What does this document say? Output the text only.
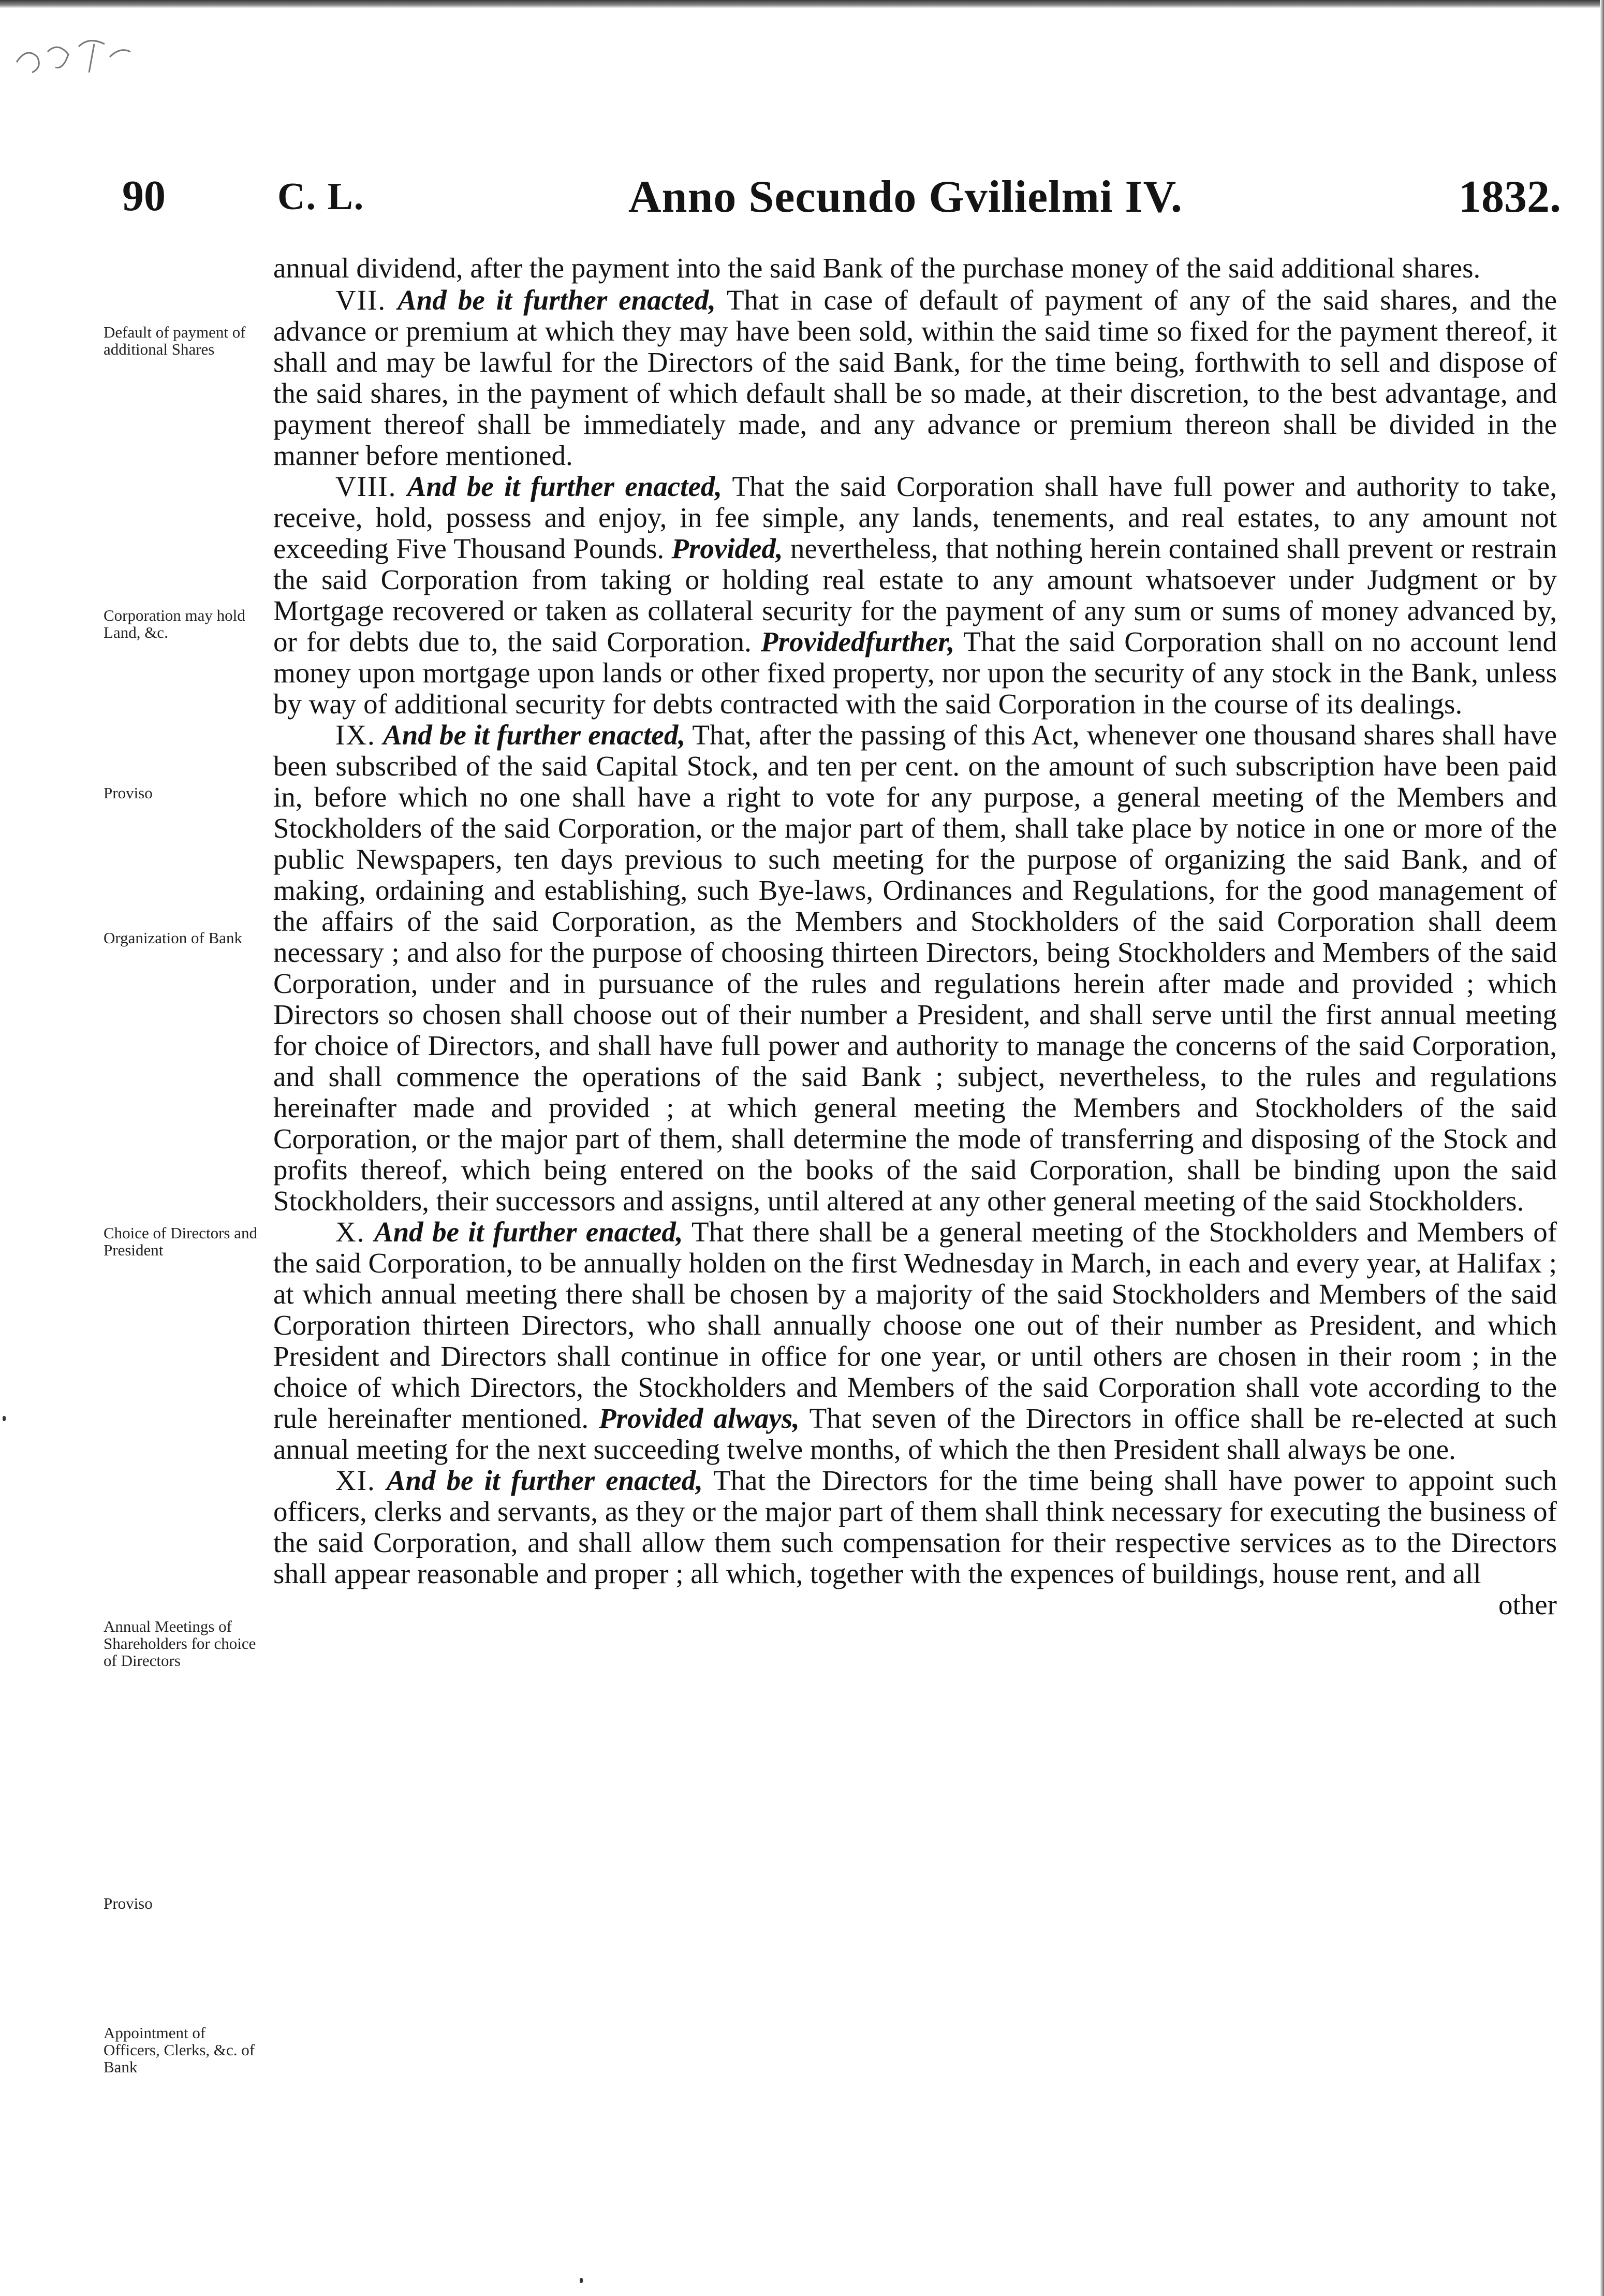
90	C. L.	Anno Secundo Gvilielmi IV.	1832.
Default of payment of additional Shares
Corporation may hold Land, &c.
Proviso
Organization of Bank
Choice of Directors and President
Annual Meetings of Shareholders for choice of Directors
Proviso
Appointment of Officers, Clerks, &c. of Bank

annual dividend, after the payment into the said Bank of the purchase money of the said additional shares.

VII. And be it further enacted, That in case of default of payment of any of the said shares, and the advance or premium at which they may have been sold, within the said time so fixed for the payment thereof, it shall and may be lawful for the Directors of the said Bank, for the time being, forthwith to sell and dispose of the said shares, in the payment of which default shall be so made, at their discretion, to the best advantage, and payment thereof shall be immediately made, and any advance or premium thereon shall be divided in the manner before mentioned.

VIII. And be it further enacted, That the said Corporation shall have full power and authority to take, receive, hold, possess and enjoy, in fee simple, any lands, tenements, and real estates, to any amount not exceeding Five Thousand Pounds. Provided, nevertheless, that nothing herein contained shall prevent or restrain the said Corporation from taking or holding real estate to any amount whatsoever under Judgment or by Mortgage recovered or taken as collateral security for the payment of any sum or sums of money advanced by, or for debts due to, the said Corporation. Providedfurther, That the said Corporation shall on no account lend money upon mortgage upon lands or other fixed property, nor upon the security of any stock in the Bank, unless by way of additional security for debts contracted with the said Corporation in the course of its dealings.

IX. And be it further enacted, That, after the passing of this Act, whenever one thousand shares shall have been subscribed of the said Capital Stock, and ten per cent. on the amount of such subscription have been paid in, before which no one shall have a right to vote for any purpose, a general meeting of the Members and Stockholders of the said Corporation, or the major part of them, shall take place by notice in one or more of the public Newspapers, ten days previous to such meeting for the purpose of organizing the said Bank, and of making, ordaining and establishing, such Bye-laws, Ordinances and Regulations, for the good management of the affairs of the said Corporation, as the Members and Stockholders of the said Corporation shall deem necessary ; and also for the purpose of choosing thirteen Directors, being Stockholders and Members of the said Corporation, under and in pursuance of the rules and regulations herein after made and provided ; which Directors so chosen shall choose out of their number a President, and shall serve until the first annual meeting for choice of Directors, and shall have full power and authority to manage the concerns of the said Corporation, and shall commence the operations of the said Bank ; subject, nevertheless, to the rules and regulations hereinafter made and provided ; at which general meeting the Members and Stockholders of the said Corporation, or the major part of them, shall determine the mode of transferring and disposing of the Stock and profits thereof, which being entered on the books of the said Corporation, shall be binding upon the said Stockholders, their successors and assigns, until altered at any other general meeting of the said Stockholders.

X. And be it further enacted, That there shall be a general meeting of the Stockholders and Members of the said Corporation, to be annually holden on the first Wednesday in March, in each and every year, at Halifax ; at which annual meeting there shall be chosen by a majority of the said Stockholders and Members of the said Corporation thirteen Directors, who shall annually choose one out of their number as President, and which President and Directors shall continue in office for one year, or until others are chosen in their room ; in the choice of which Directors, the Stockholders and Members of the said Corporation shall vote according to the rule hereinafter mentioned. Provided always, That seven of the Directors in office shall be re-elected at such annual meeting for the next succeeding twelve months, of which the then President shall always be one.

XI. And be it further enacted, That the Directors for the time being shall have power to appoint such officers, clerks and servants, as they or the major part of them shall think necessary for executing the business of the said Corporation, and shall allow them such compensation for their respective services as to the Directors shall appear reasonable and proper ; all which, together with the expences of buildings, house rent, and all

other
